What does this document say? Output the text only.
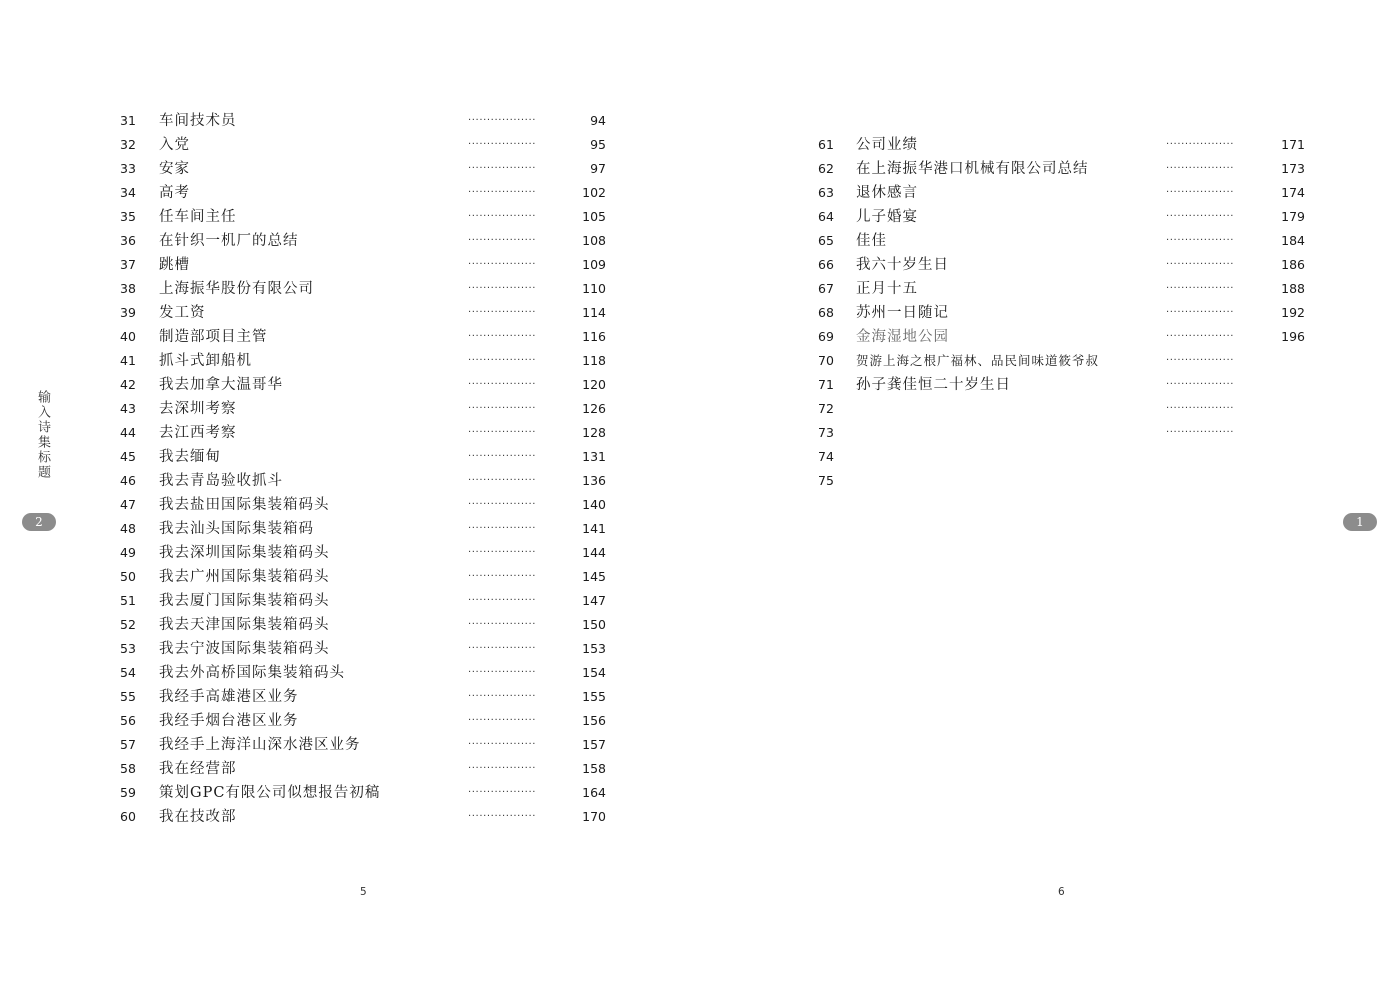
31 车间技术员	··················	94
32 入党	··················	95
33 安家	··················	97
34 高考	··················	102
35 任车间主任	··················	105
36 在针织一机厂的总结	··················	108
37 跳槽	··················	109
38 上海振华股份有限公司	··················	110
39 发工资	··················	114
40 制造部项目主管	··················	116
41 抓斗式卸船机	··················	118
42 我去加拿大温哥华	··················	120
43 去深圳考察	··················	126
44 去江西考察	··················	128
45 我去缅甸	··················	131
46 我去青岛验收抓斗	··················	136
47 我去盐田国际集装箱码头	··················	140
48 我去汕头国际集装箱码	··················	141
49 我去深圳国际集装箱码头	··················	144
50 我去广州国际集装箱码头	··················	145
51 我去厦门国际集装箱码头	··················	147
52 我去天津国际集装箱码头	··················	150
53 我去宁波国际集装箱码头	··················	153
54 我去外高桥国际集装箱码头	··················	154
55 我经手高雄港区业务	··················	155
56 我经手烟台港区业务	··················	156
57 我经手上海洋山深水港区业务	··················	157
58 我在经营部	··················	158
59 策划GPC有限公司似想报告初稿	··················	164
60 我在技改部	··················	170
61 公司业绩	··················	171
62 在上海振华港口机械有限公司总结	··················	173
63 退休感言	··················	174
64 儿子婚宴	··················	179
65 佳佳	··················	184
66 我六十岁生日	··················	186
67 正月十五	··················	188
68 苏州一日随记	··················	192
69 金海湿地公园	··················	196
70 贺游上海之根广福林、品民间味道筱爷叔	··················
71 孙子龚佳恒二十岁生日	··················
72	··················
73	··················
74
75
输入诗集标题
2	1
5	6
